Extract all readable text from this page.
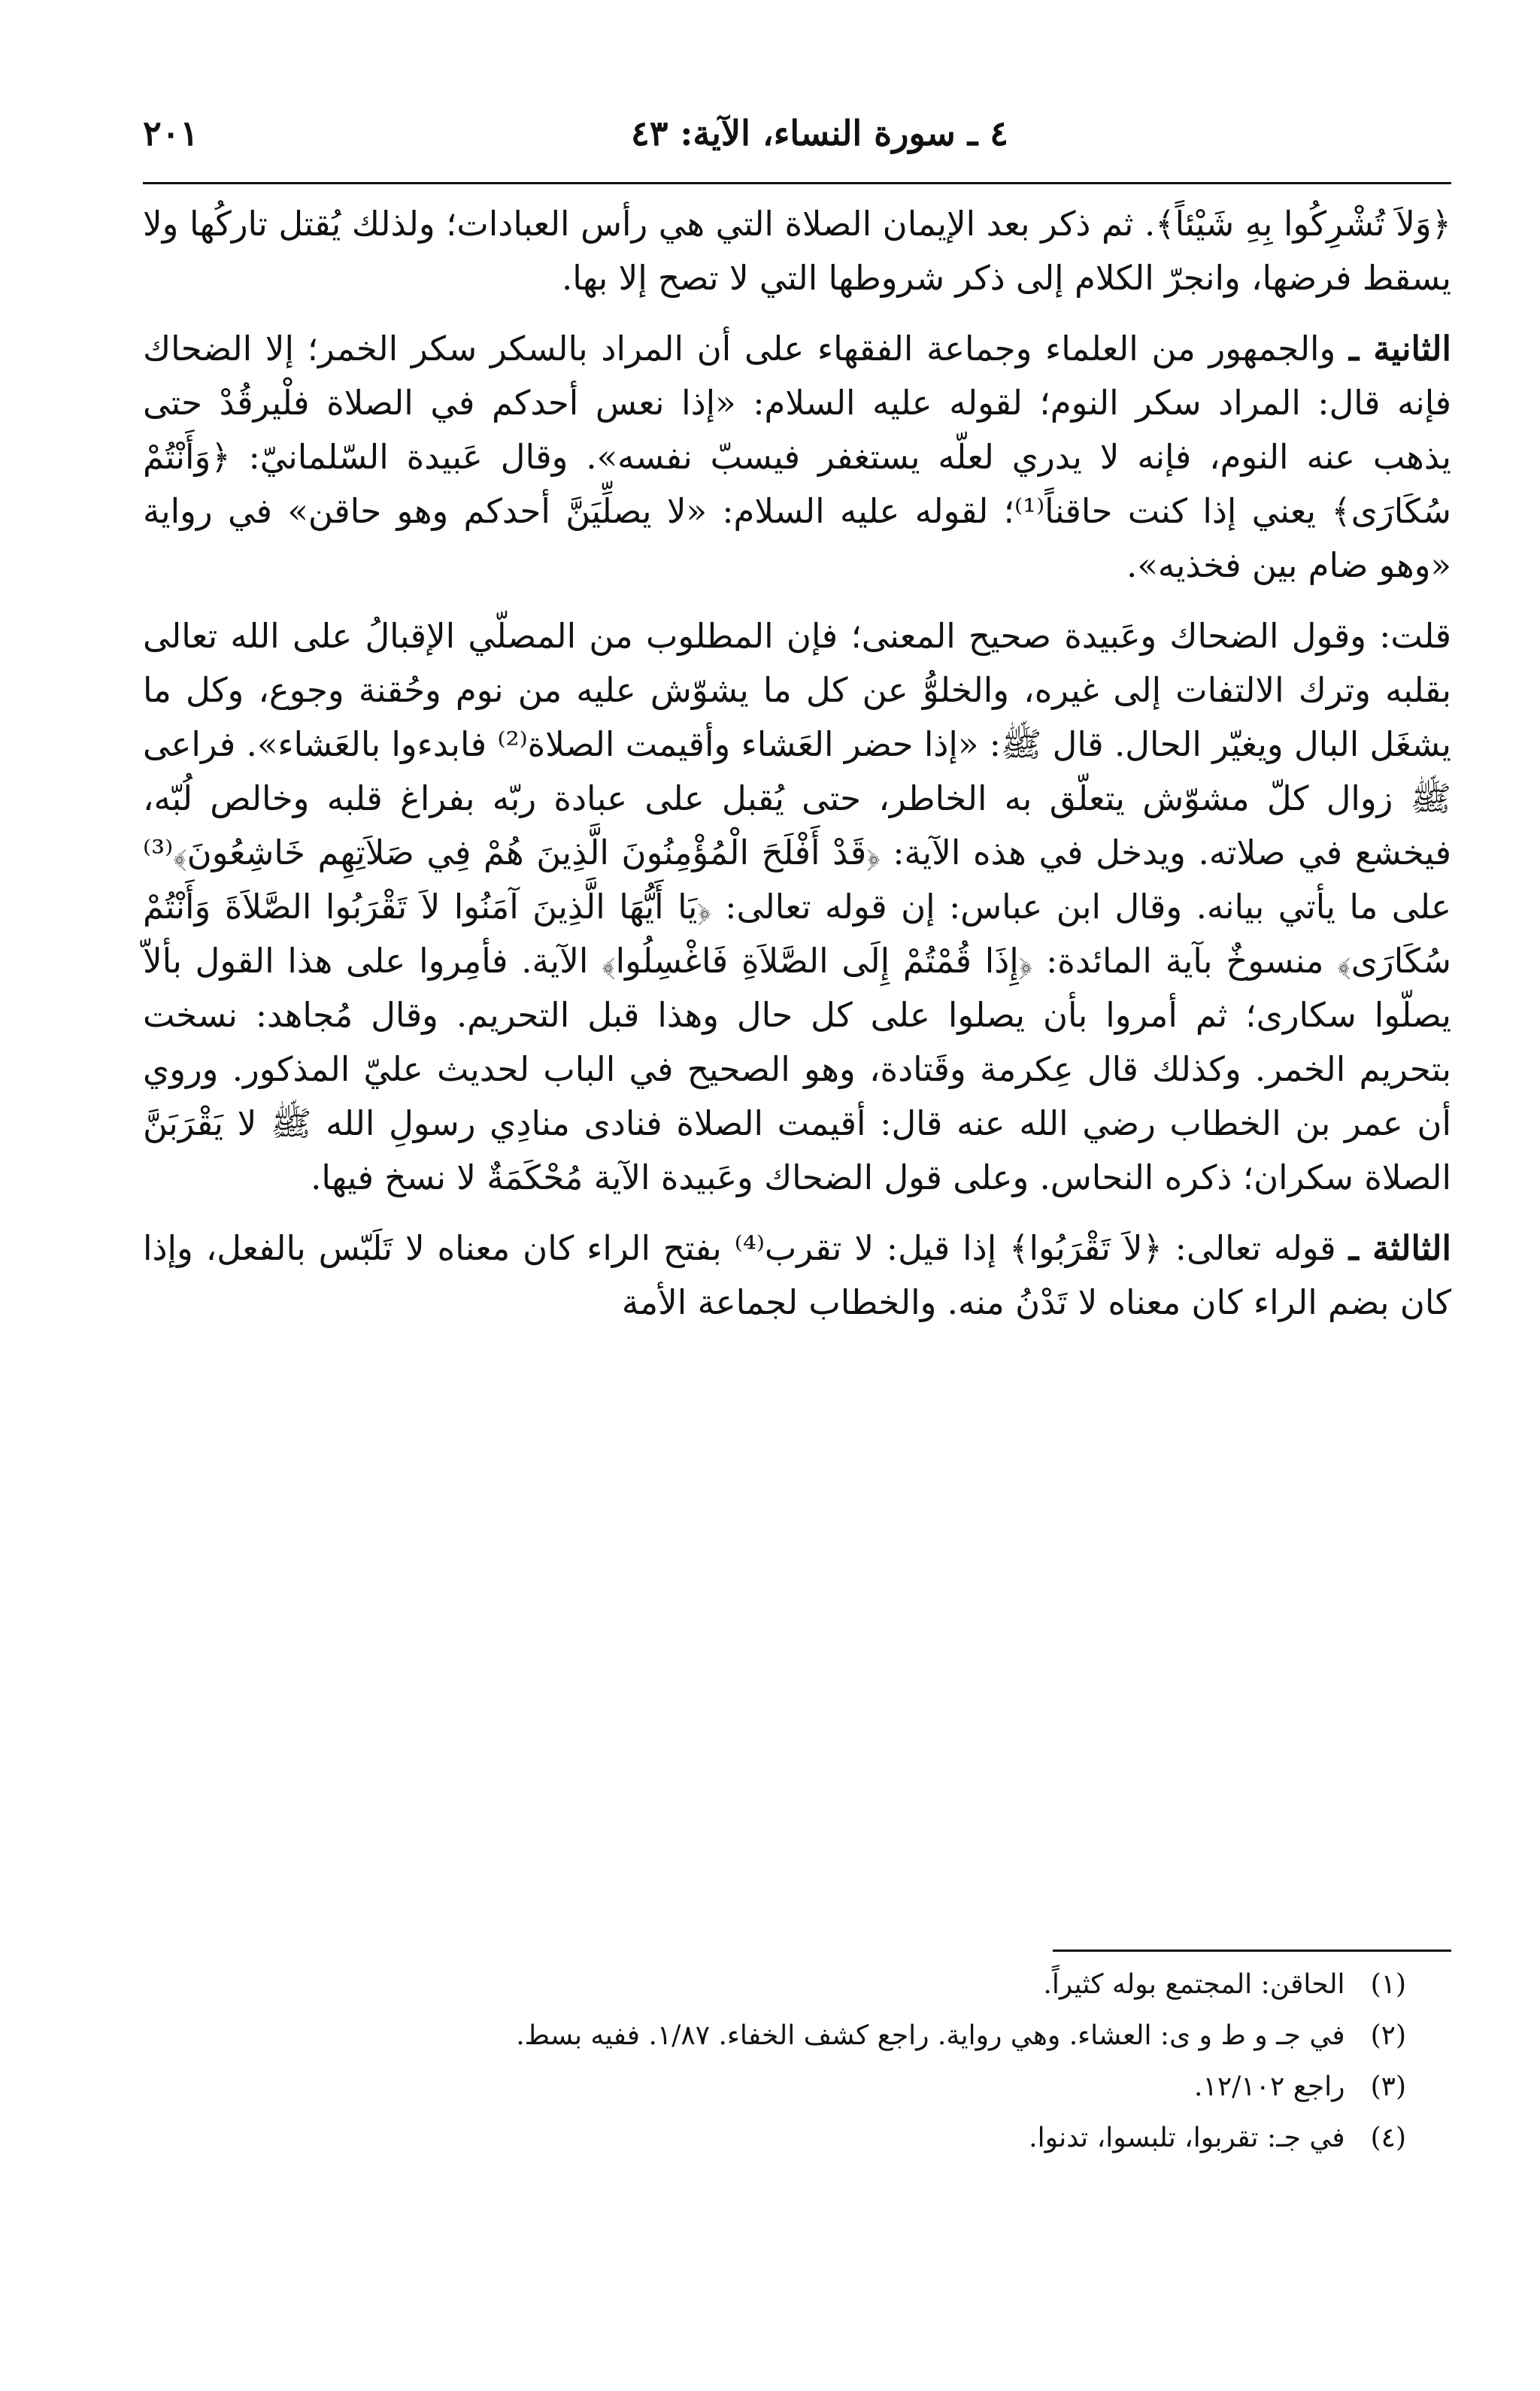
٢٠١	٤ ـ سورة النساء، الآية: ٤٣

﴿وَلاَ تُشْرِكُوا بِهِ شَيْئاً﴾. ثم ذكر بعد الإيمان الصلاة التي هي رأس العبادات؛ ولذلك يُقتل تاركُها ولا يسقط فرضها، وانجرّ الكلام إلى ذكر شروطها التي لا تصح إلا بها.

الثانية ـ والجمهور من العلماء وجماعة الفقهاء على أن المراد بالسكر سكر الخمر؛ إلا الضحاك فإنه قال: المراد سكر النوم؛ لقوله عليه السلام: «إذا نعس أحدكم في الصلاة فلْيرقُدْ حتى يذهب عنه النوم، فإنه لا يدري لعلّه يستغفر فيسبّ نفسه». وقال عَبيدة السّلمانيّ: ﴿وَأَنْتُمْ سُكَارَى﴾ يعني إذا كنت حاقناً⁽¹⁾؛ لقوله عليه السلام: «لا يصلِّيَنَّ أحدكم وهو حاقن» في رواية «وهو ضام بين فخذيه».

قلت: وقول الضحاك وعَبيدة صحيح المعنى؛ فإن المطلوب من المصلّي الإقبالُ على الله تعالى بقلبه وترك الالتفات إلى غيره، والخلوُّ عن كل ما يشوّش عليه من نوم وحُقنة وجوع، وكل ما يشغَل البال ويغيّر الحال. قال ﷺ: «إذا حضر العَشاء وأقيمت الصلاة⁽²⁾ فابدءوا بالعَشاء». فراعى ﷺ زوال كلّ مشوّش يتعلّق به الخاطر، حتى يُقبل على عبادة ربّه بفراغ قلبه وخالص لُبّه، فيخشع في صلاته. ويدخل في هذه الآية: ﴿قَدْ أَفْلَحَ الْمُؤْمِنُونَ الَّذِينَ هُمْ فِي صَلاَتِهِم خَاشِعُونَ﴾⁽³⁾ على ما يأتي بيانه. وقال ابن عباس: إن قوله تعالى: ﴿يَا أَيُّهَا الَّذِينَ آمَنُوا لاَ تَقْرَبُوا الصَّلاَةَ وَأَنْتُمْ سُكَارَى﴾ منسوخٌ بآية المائدة: ﴿إِذَا قُمْتُمْ إِلَى الصَّلاَةِ فَاغْسِلُوا﴾ الآية. فأمِروا على هذا القول بألاّ يصلّوا سكارى؛ ثم أمروا بأن يصلوا على كل حال وهذا قبل التحريم. وقال مُجاهد: نسخت بتحريم الخمر. وكذلك قال عِكرمة وقَتادة، وهو الصحيح في الباب لحديث عليّ المذكور. وروي أن عمر بن الخطاب رضي الله عنه قال: أقيمت الصلاة فنادى منادِي رسولِ الله ﷺ لا يَقْرَبَنَّ الصلاة سكران؛ ذكره النحاس. وعلى قول الضحاك وعَبيدة الآية مُحْكَمَةٌ لا نسخ فيها.

الثالثة ـ قوله تعالى: ﴿لاَ تَقْرَبُوا﴾ إذا قيل: لا تقرب⁽⁴⁾ بفتح الراء كان معناه لا تَلَبّس بالفعل، وإذا كان بضم الراء كان معناه لا تَدْنُ منه. والخطاب لجماعة الأمة

(١) الحاقن: المجتمع بوله كثيراً.

(٢) في جـ و ط و ى: العشاء. وهي رواية. راجع كشف الخفاء. ١/٨٧. ففيه بسط.

(٣) راجع ١٢/١٠٢.

(٤) في جـ: تقربوا، تلبسوا، تدنوا.
